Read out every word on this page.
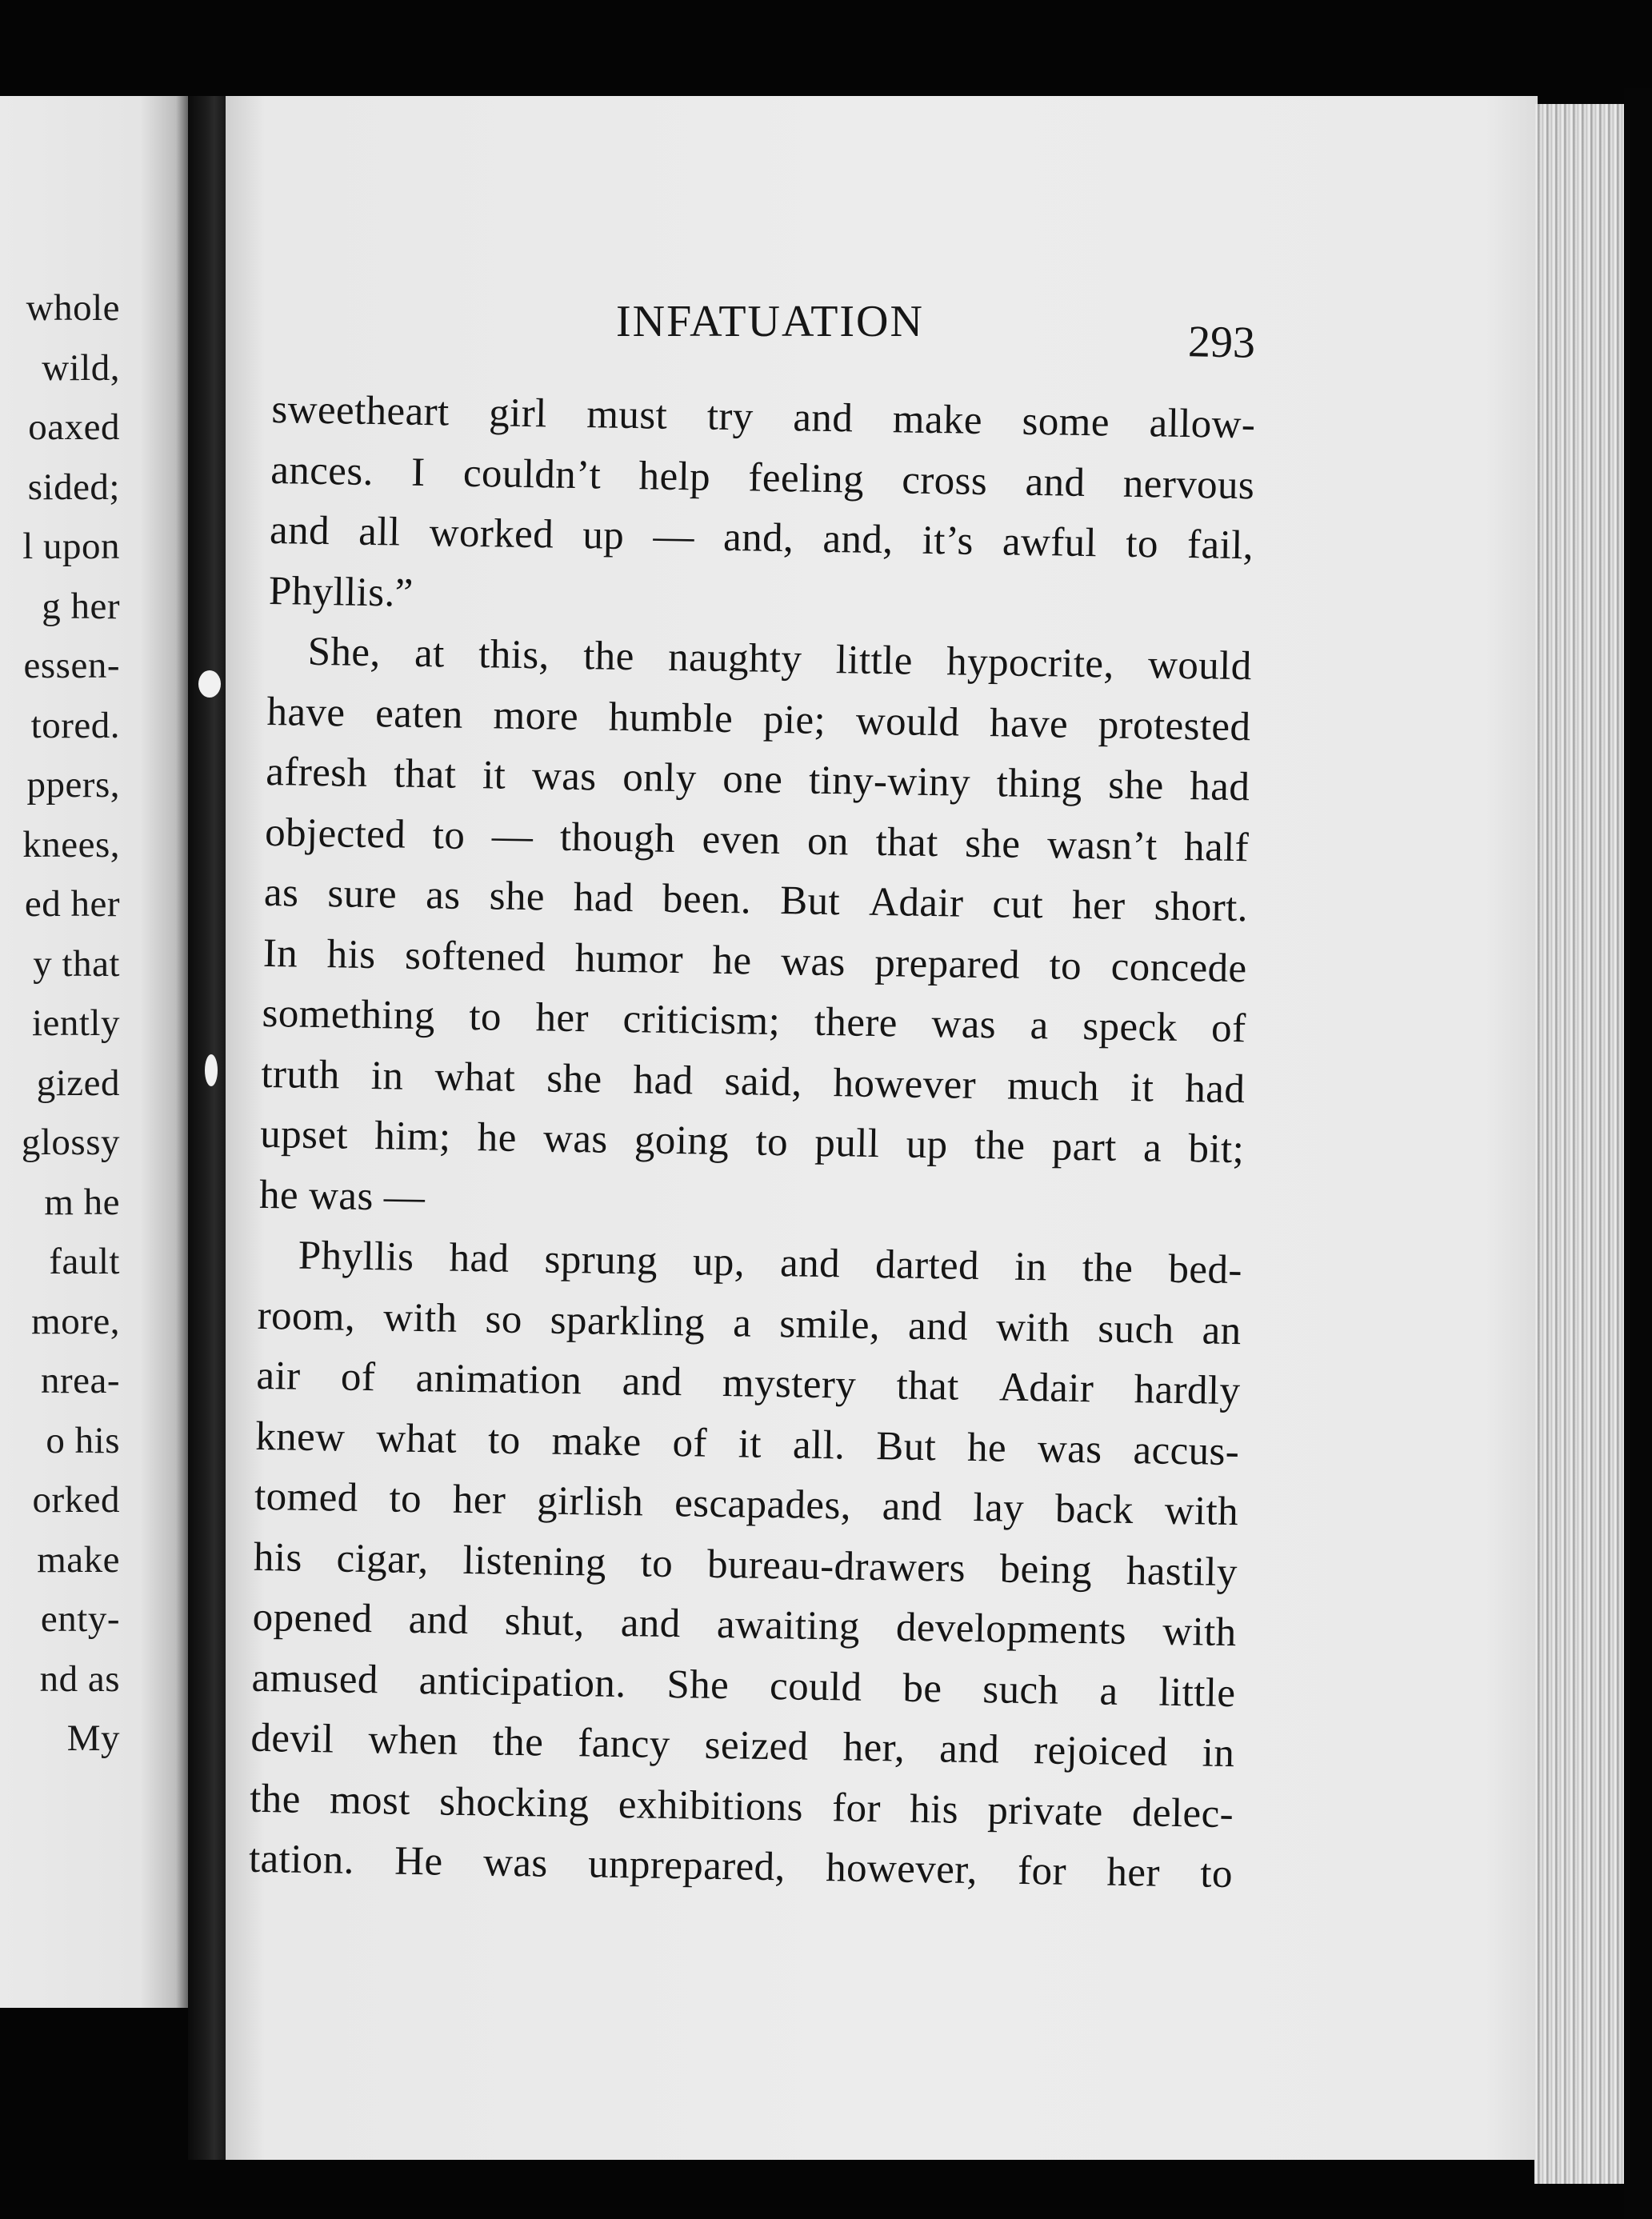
whole
wild,
oaxed
sided;
l upon
g her
essen-
tored.
ppers,
knees,
ed her
y that
iently
gized
glossy
m he
fault
more,
nrea-
o his
orked
make
enty-
nd as
My
INFATUATION	293
sweetheart girl must try and make some allow-
ances. I couldn’t help feeling cross and nervous
and all worked up — and, and, it’s awful to fail,
Phyllis.”
She, at this, the naughty little hypocrite, would
have eaten more humble pie; would have protested
afresh that it was only one tiny-winy thing she had
objected to — though even on that she wasn’t half
as sure as she had been. But Adair cut her short.
In his softened humor he was prepared to concede
something to her criticism; there was a speck of
truth in what she had said, however much it had
upset him; he was going to pull up the part a bit;
he was —
Phyllis had sprung up, and darted in the bed-
room, with so sparkling a smile, and with such an
air of animation and mystery that Adair hardly
knew what to make of it all. But he was accus-
tomed to her girlish escapades, and lay back with
his cigar, listening to bureau-drawers being hastily
opened and shut, and awaiting developments with
amused anticipation. She could be such a little
devil when the fancy seized her, and rejoiced in
the most shocking exhibitions for his private delec-
tation. He was unprepared, however, for her to
